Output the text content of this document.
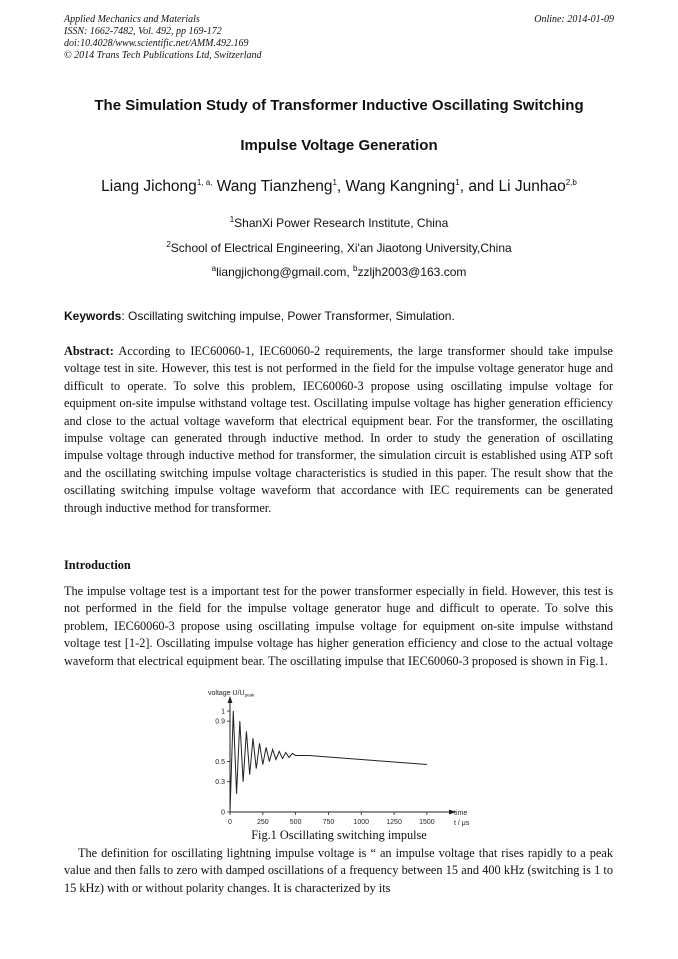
Applied Mechanics and Materials
ISSN: 1662-7482, Vol. 492, pp 169-172
doi:10.4028/www.scientific.net/AMM.492.169
© 2014 Trans Tech Publications Ltd, Switzerland
Online: 2014-01-09
The Simulation Study of Transformer Inductive Oscillating Switching
Impulse Voltage Generation
Liang Jichong$^{1, a,}$ Wang Tianzheng$^1$, Wang Kangning$^1$, and Li Junhao$^{2,b}$
$^1$ShanXi Power Research Institute, China
$^2$School of Electrical Engineering, Xi'an Jiaotong University,China
$^a$liangjichong@gmail.com, $^b$zzljh2003@163.com
Keywords: Oscillating switching impulse, Power Transformer, Simulation.
Abstract: According to IEC60060-1, IEC60060-2 requirements, the large transformer should take impulse voltage test in site. However, this test is not performed in the field for the impulse voltage generator huge and difficult to operate. To solve this problem, IEC60060-3 propose using oscillating impulse voltage for equipment on-site impulse withstand voltage test. Oscillating impulse voltage has higher generation efficiency and close to the actual voltage waveform that electrical equipment bear. For the transformer, the oscillating impulse voltage can generated through inductive method. In order to study the generation of oscillating impulse voltage through inductive method for transformer, the simulation circuit is established using ATP soft and the oscillating switching impulse voltage characteristics is studied in this paper. The result show that the oscillating switching impulse voltage waveform that accordance with IEC requirements can be generated through inductive method for transformer.
Introduction
The impulse voltage test is a important test for the power transformer especially in field. However, this test is not performed in the field for the impulse voltage generator huge and difficult to operate. To solve this problem, IEC60060-3 propose using oscillating impulse voltage for equipment on-site impulse withstand voltage test [1-2]. Oscillating impulse voltage has higher generation efficiency and close to the actual voltage waveform that electrical equipment bear. The oscillating impulse that IEC60060-3 proposed is shown in Fig.1.
voltage $U/U_{peak}$
time
t / μs
0	250	500	750	1000 1250 1500
0
0.3
0.5
0.9
1
Fig.1 Oscillating switching impulse
The definition for oscillating lightning impulse voltage is “ an impulse voltage that rises rapidly to a peak value and then falls to zero with damped oscillations of a frequency between 15 and 400 kHz (switching is 1 to 15 kHz) with or without polarity changes. It is characterized by its
